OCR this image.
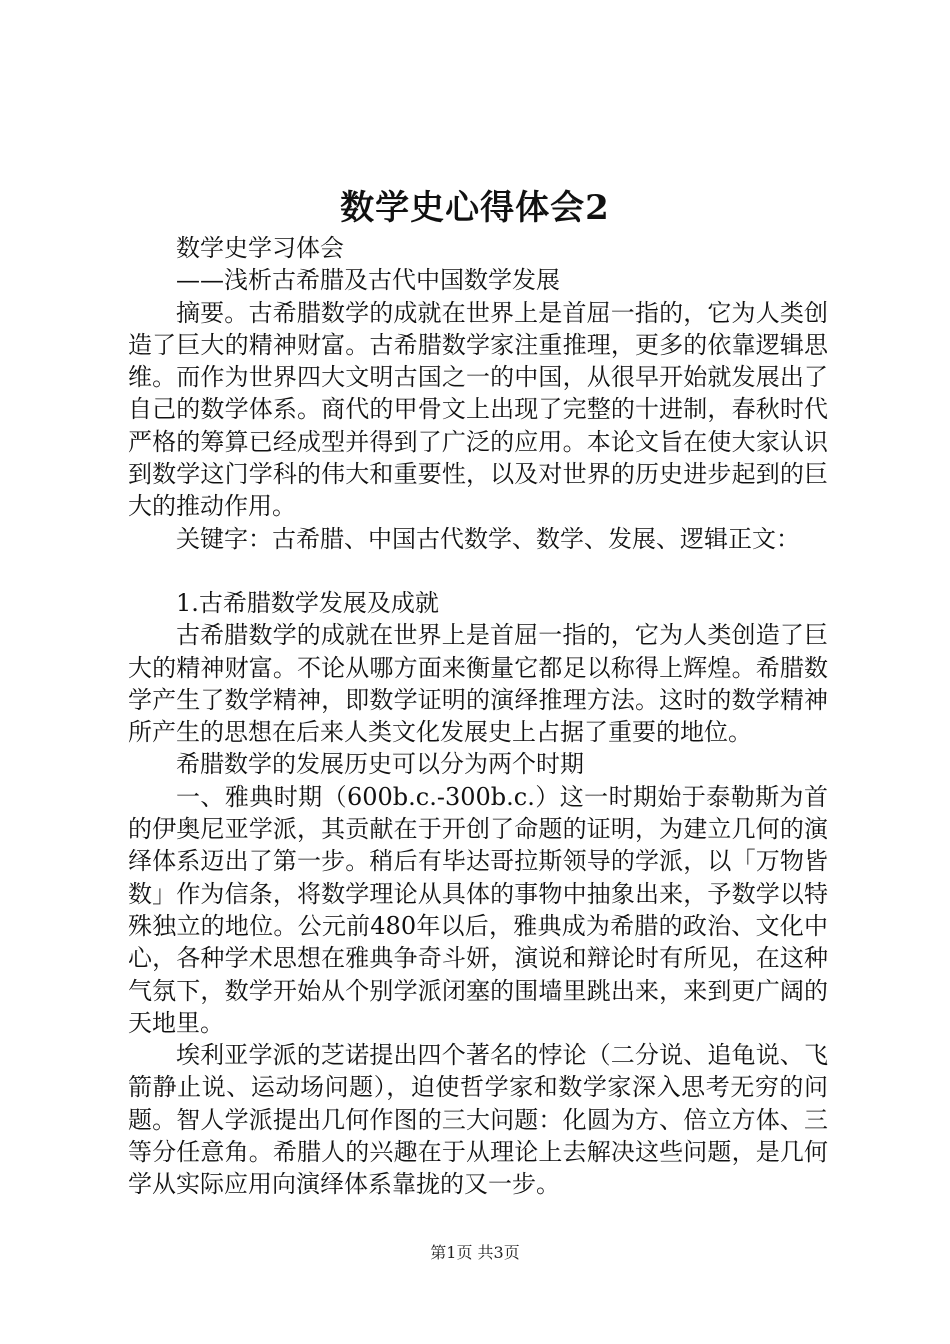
数学史心得体会2

数学史学习体会

——浅析古希腊及古代中国数学发展

摘要。古希腊数学的成就在世界上是首屈一指的，它为人类创造了巨大的精神财富。古希腊数学家注重推理，更多的依靠逻辑思维。而作为世界四大文明古国之一的中国，从很早开始就发展出了自己的数学体系。商代的甲骨文上出现了完整的十进制，春秋时代严格的筹算已经成型并得到了广泛的应用。本论文旨在使大家认识到数学这门学科的伟大和重要性，以及对世界的历史进步起到的巨大的推动作用。

关键字：古希腊、中国古代数学、数学、发展、逻辑正文：

1.古希腊数学发展及成就

古希腊数学的成就在世界上是首屈一指的，它为人类创造了巨大的精神财富。不论从哪方面来衡量它都足以称得上辉煌。希腊数学产生了数学精神，即数学证明的演绎推理方法。这时的数学精神所产生的思想在后来人类文化发展史上占据了重要的地位。

希腊数学的发展历史可以分为两个时期

一、雅典时期（600b.c.-300b.c.）这一时期始于泰勒斯为首的伊奥尼亚学派，其贡献在于开创了命题的证明，为建立几何的演绎体系迈出了第一步。稍后有毕达哥拉斯领导的学派，以「万物皆数」作为信条，将数学理论从具体的事物中抽象出来，予数学以特殊独立的地位。公元前480年以后，雅典成为希腊的政治、文化中心，各种学术思想在雅典争奇斗妍，演说和辩论时有所见，在这种气氛下，数学开始从个别学派闭塞的围墙里跳出来，来到更广阔的天地里。

埃利亚学派的芝诺提出四个著名的悖论（二分说、追龟说、飞箭静止说、运动场问题），迫使哲学家和数学家深入思考无穷的问题。智人学派提出几何作图的三大问题：化圆为方、倍立方体、三等分任意角。希腊人的兴趣在于从理论上去解决这些问题，是几何学从实际应用向演绎体系靠拢的又一步。

第1页 共3页
